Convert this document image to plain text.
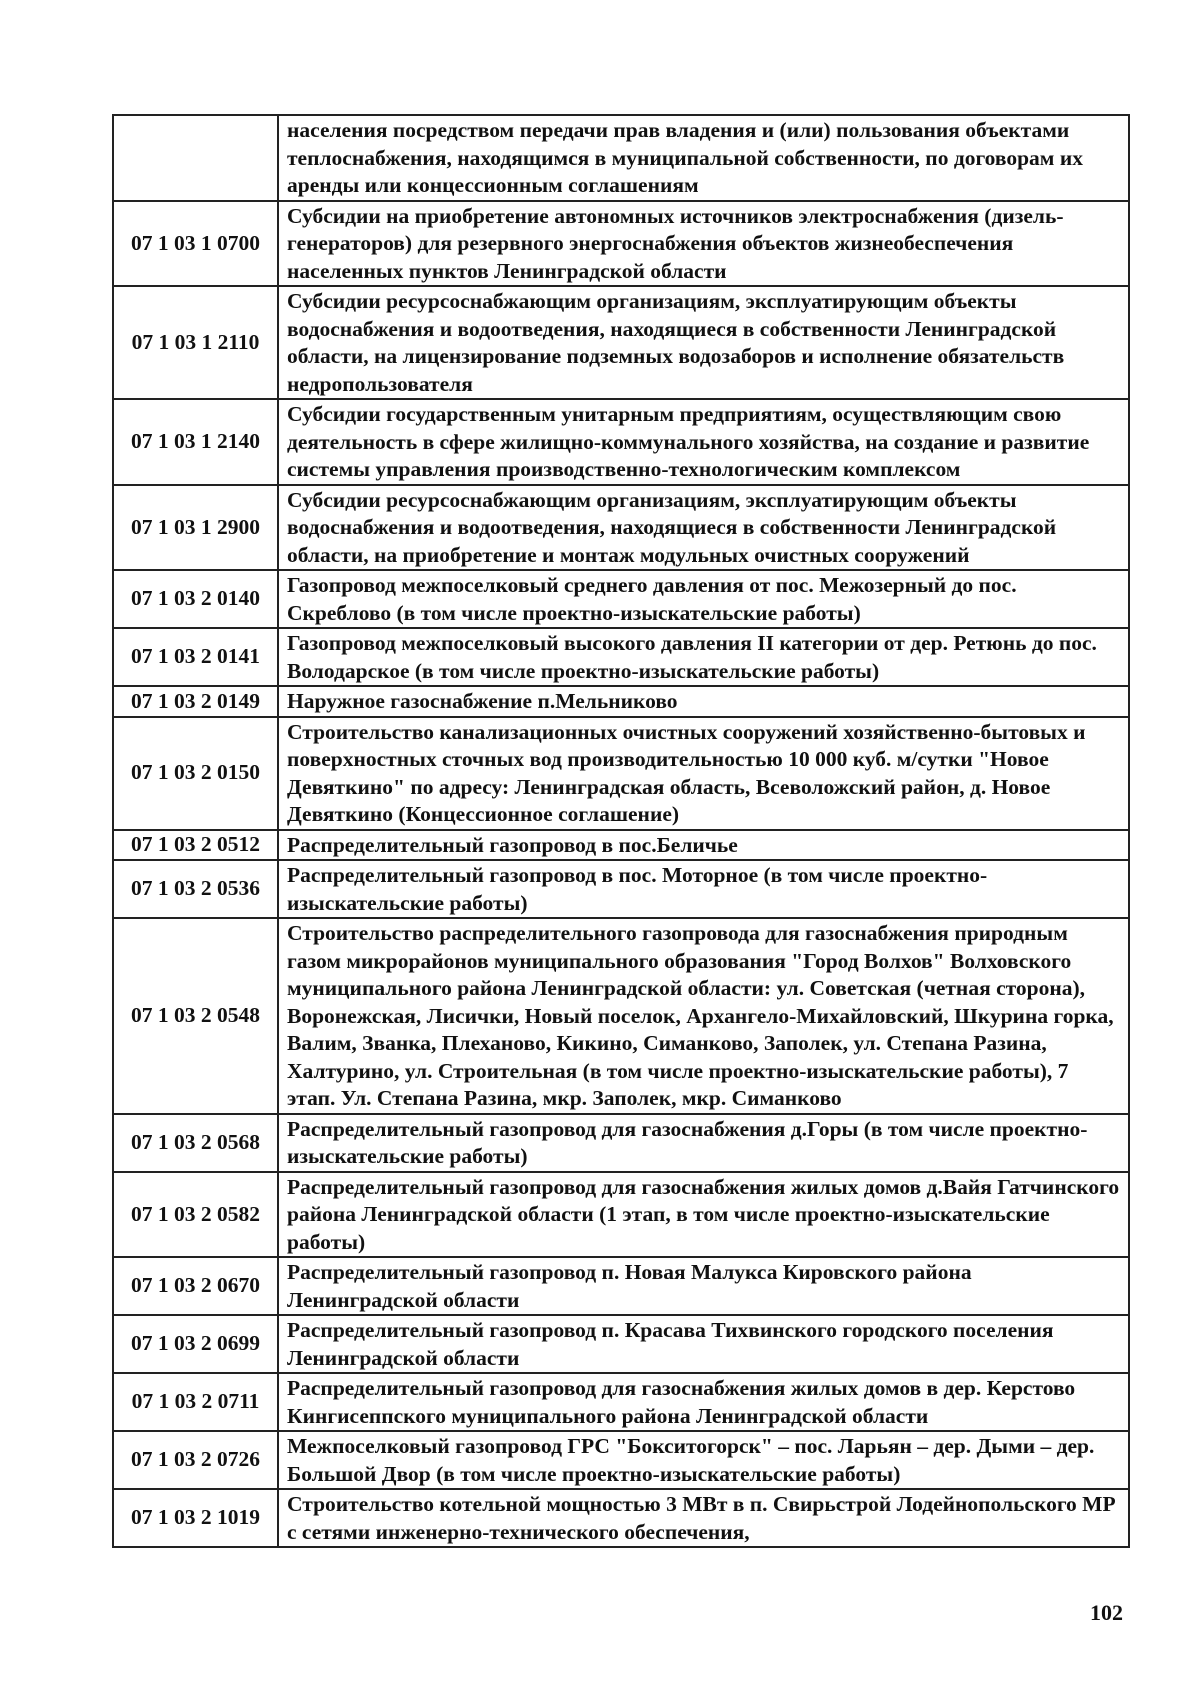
	населения посредством передачи прав владения и (или) пользования объектами теплоснабжения, находящимся в муниципальной собственности, по договорам их аренды или концессионным соглашениям
07 1 03 1 0700	Субсидии на приобретение автономных источников электроснабжения (дизель-генераторов) для резервного энергоснабжения объектов жизнеобеспечения населенных пунктов Ленинградской области
07 1 03 1 2110	Субсидии ресурсоснабжающим организациям, эксплуатирующим объекты водоснабжения и водоотведения, находящиеся в собственности Ленинградской области, на лицензирование подземных водозаборов и исполнение обязательств недропользователя
07 1 03 1 2140	Субсидии государственным унитарным предприятиям, осуществляющим свою деятельность в сфере жилищно-коммунального хозяйства, на создание и развитие системы управления производственно-технологическим комплексом
07 1 03 1 2900	Субсидии ресурсоснабжающим организациям, эксплуатирующим объекты водоснабжения и водоотведения, находящиеся в собственности Ленинградской области, на приобретение и монтаж модульных очистных сооружений
07 1 03 2 0140	Газопровод межпоселковый среднего давления от пос. Межозерный до пос. Скреблово (в том числе проектно-изыскательские работы)
07 1 03 2 0141	Газопровод межпоселковый высокого давления II категории от дер. Ретюнь до пос. Володарское (в том числе проектно-изыскательские работы)
07 1 03 2 0149	Наружное газоснабжение п.Мельниково
07 1 03 2 0150	Строительство канализационных очистных сооружений хозяйственно-бытовых и поверхностных сточных вод производительностью 10 000 куб. м/сутки "Новое Девяткино" по адресу: Ленинградская область, Всеволожский район, д. Новое Девяткино (Концессионное соглашение)
07 1 03 2 0512	Распределительный газопровод в пос.Беличье
07 1 03 2 0536	Распределительный газопровод в пос. Моторное (в том числе проектно-изыскательские работы)
07 1 03 2 0548	Строительство распределительного газопровода для газоснабжения природным газом микрорайонов муниципального образования "Город Волхов" Волховского муниципального района Ленинградской области: ул. Советская (четная сторона), Воронежская, Лисички, Новый поселок, Архангело-Михайловский, Шкурина горка, Валим, Званка, Плеханово, Кикино, Симанково, Заполек, ул. Степана Разина, Халтурино, ул. Строительная (в том числе проектно-изыскательские работы), 7 этап. Ул. Степана Разина, мкр. Заполек, мкр. Симанково
07 1 03 2 0568	Распределительный газопровод для газоснабжения д.Горы (в том числе проектно-изыскательские работы)
07 1 03 2 0582	Распределительный газопровод для газоснабжения жилых домов д.Вайя Гатчинского района Ленинградской области (1 этап, в том числе проектно-изыскательские работы)
07 1 03 2 0670	Распределительный газопровод п. Новая Малукса Кировского района Ленинградской области
07 1 03 2 0699	Распределительный газопровод п. Красава Тихвинского городского поселения Ленинградской области
07 1 03 2 0711	Распределительный газопровод для газоснабжения жилых домов в дер. Керстово Кингисеппского муниципального района Ленинградской области
07 1 03 2 0726	Межпоселковый газопровод ГРС "Бокситогорск" – пос. Ларьян – дер. Дыми – дер. Большой Двор (в том числе проектно-изыскательские работы)
07 1 03 2 1019	Строительство котельной мощностью 3 МВт в п. Свирьстрой Лодейнопольского МР с сетями инженерно-технического обеспечения,
102
